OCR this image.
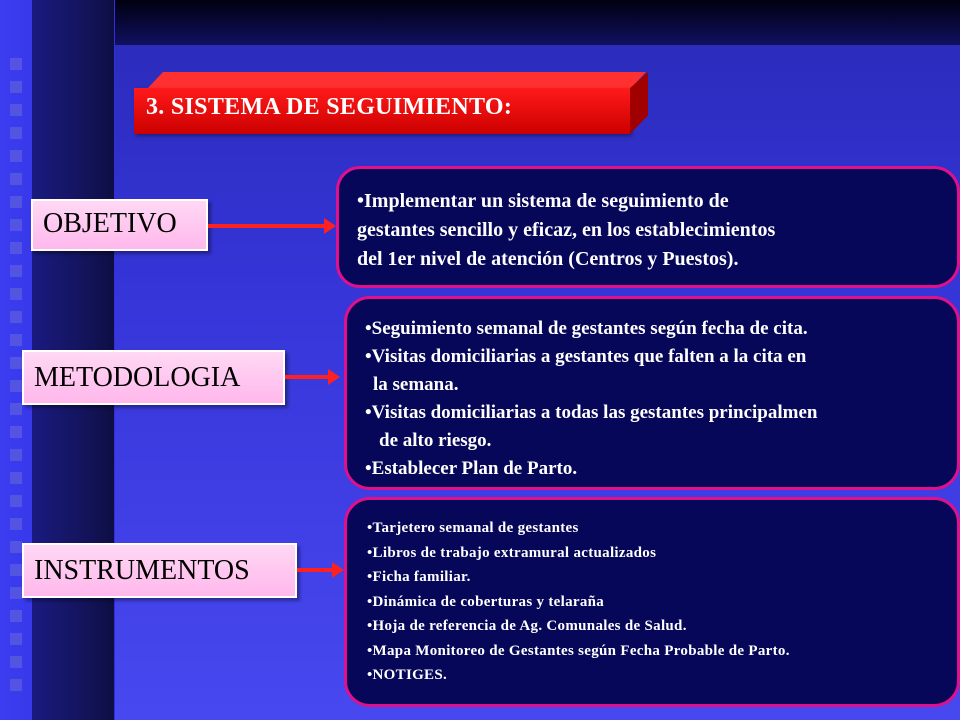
3. SISTEMA DE SEGUIMIENTO:
OBJETIVO
•Implementar un sistema de seguimiento de
gestantes sencillo y eficaz, en los establecimientos
del 1er nivel de atención (Centros y Puestos).
METODOLOGIA
•Seguimiento semanal de gestantes según fecha de cita.
•Visitas domiciliarias a gestantes que falten a la cita en
la semana.
•Visitas domiciliarias a todas las gestantes principalmen
de alto riesgo.
•Establecer Plan de Parto.
INSTRUMENTOS
•Tarjetero semanal de gestantes
•Libros de trabajo extramural actualizados
•Ficha familiar.
•Dinámica de coberturas y telaraña
•Hoja de referencia de Ag. Comunales de Salud.
•Mapa Monitoreo de Gestantes según Fecha Probable de Parto.
•NOTIGES.
